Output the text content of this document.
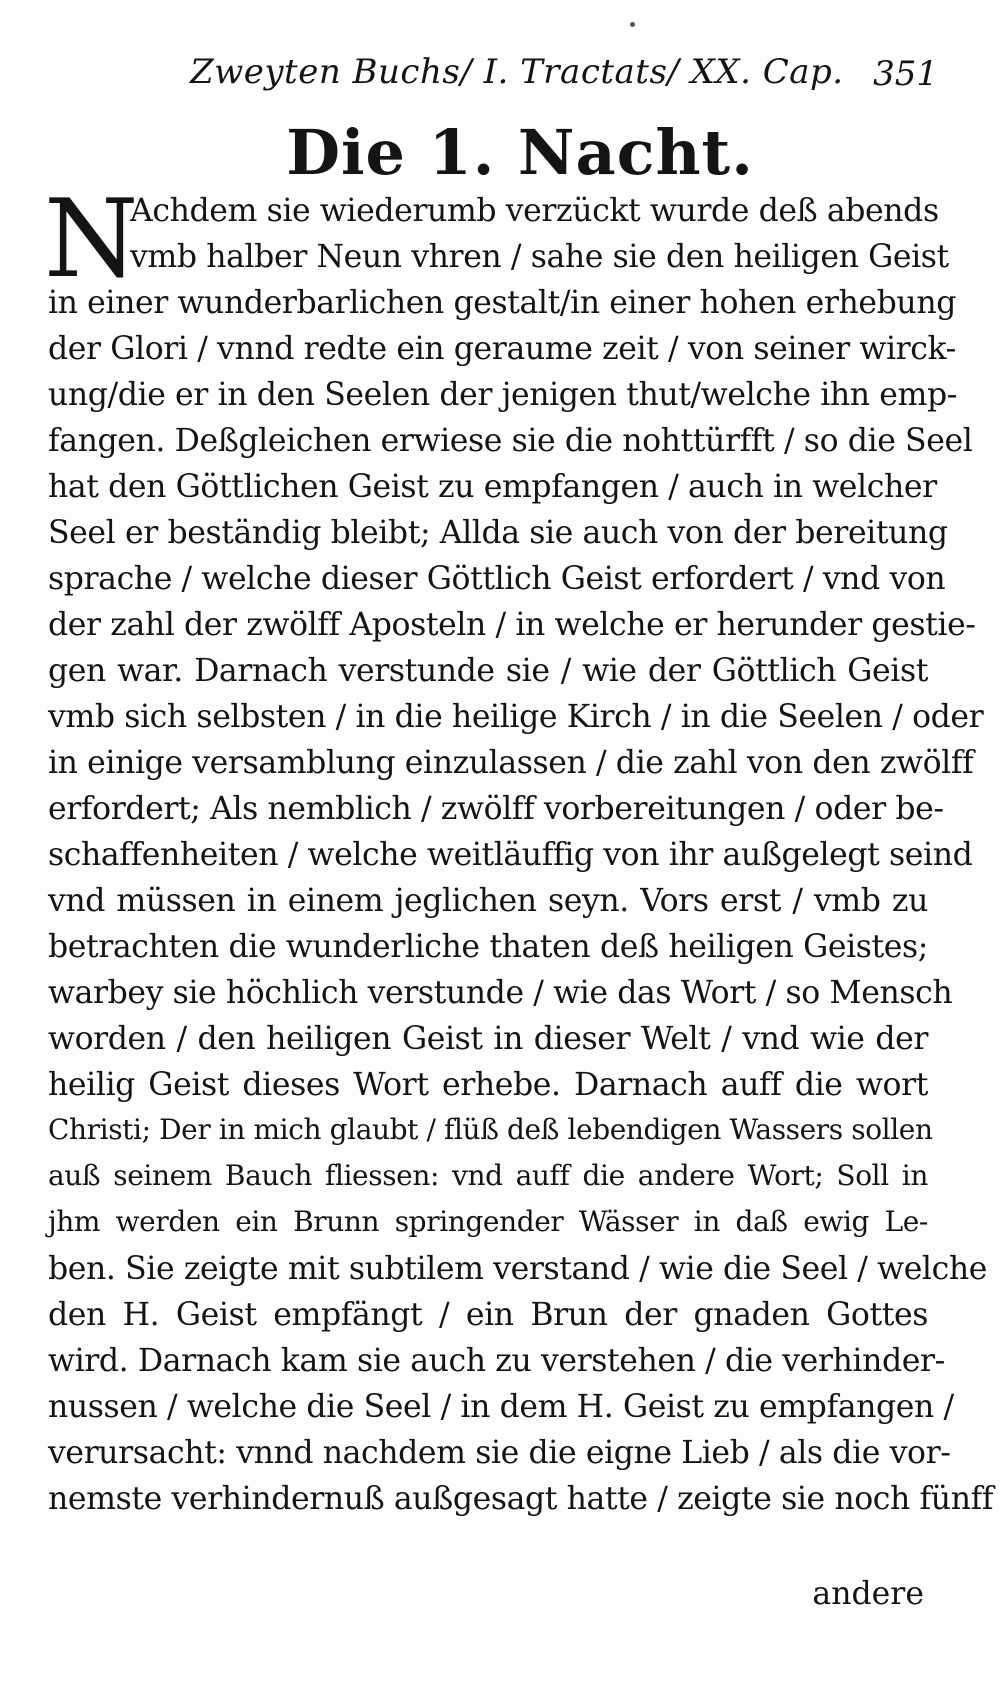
Zweyten Buchs/ I. Tractats/ XX. Cap. 351
Die 1. Nacht.
N
Achdem sie wiederumb verzückt wurde deß abends
vmb halber Neun vhren / sahe sie den heiligen Geist
in einer wunderbarlichen gestalt/in einer hohen erhebung
der Glori / vnnd redte ein geraume zeit / von seiner wirck-
ung/die er in den Seelen der jenigen thut/welche ihn emp-
fangen. Deßgleichen erwiese sie die nohttürfft / so die Seel
hat den Göttlichen Geist zu empfangen / auch in welcher
Seel er beständig bleibt; Allda sie auch von der bereitung
sprache / welche dieser Göttlich Geist erfordert / vnd von
der zahl der zwölff Aposteln / in welche er herunder gestie-
gen war. Darnach verstunde sie / wie der Göttlich Geist
vmb sich selbsten / in die heilige Kirch / in die Seelen / oder
in einige versamblung einzulassen / die zahl von den zwölff
erfordert; Als nemblich / zwölff vorbereitungen / oder be-
schaffenheiten / welche weitläuffig von ihr außgelegt seind
vnd müssen in einem jeglichen seyn. Vors erst / vmb zu
betrachten die wunderliche thaten deß heiligen Geistes;
warbey sie höchlich verstunde / wie das Wort / so Mensch
worden / den heiligen Geist in dieser Welt / vnd wie der
heilig Geist dieses Wort erhebe. Darnach auff die wort
Christi; Der in mich glaubt / flüß deß lebendigen Wassers sollen
auß seinem Bauch fliessen: vnd auff die andere Wort; Soll in
jhm werden ein Brunn springender Wässer in daß ewig Le-
ben. Sie zeigte mit subtilem verstand / wie die Seel / welche
den H. Geist empfängt / ein Brun der gnaden Gottes
wird. Darnach kam sie auch zu verstehen / die verhinder-
nussen / welche die Seel / in dem H. Geist zu empfangen /
verursacht: vnnd nachdem sie die eigne Lieb / als die vor-
nemste verhindernuß außgesagt hatte / zeigte sie noch fünff
andere
